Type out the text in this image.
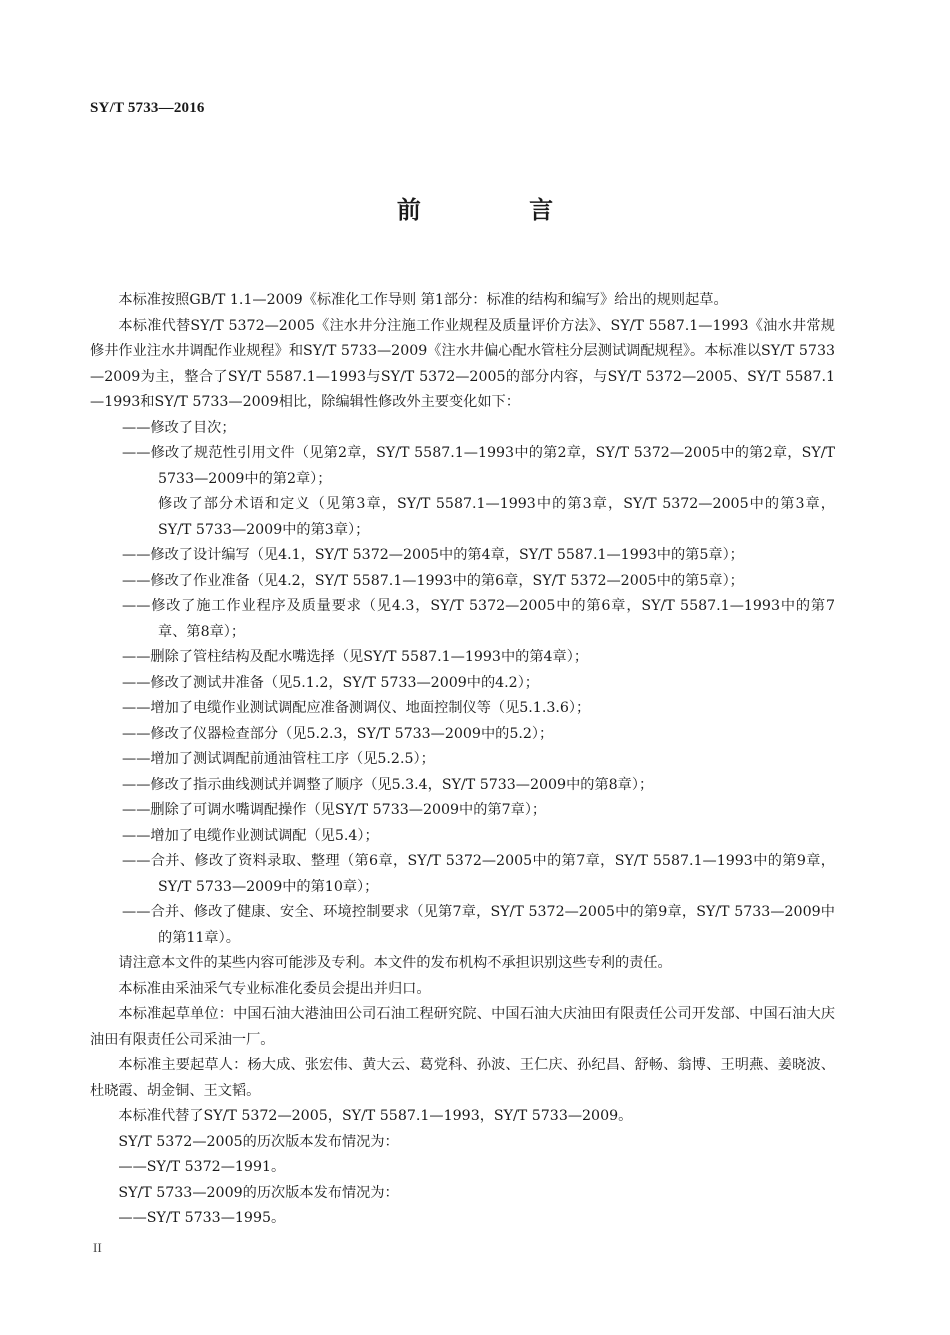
SY/T 5733—2016
前 言

本标准按照GB/T 1.1—2009《标准化工作导则 第1部分：标准的结构和编写》给出的规则起草。

本标准代替SY/T 5372—2005《注水井分注施工作业规程及质量评价方法》、SY/T 5587.1—1993《油水井常规修井作业注水井调配作业规程》和SY/T 5733—2009《注水井偏心配水管柱分层测试调配规程》。本标准以SY/T 5733—2009为主，整合了SY/T 5587.1—1993与SY/T 5372—2005的部分内容，与SY/T 5372—2005、SY/T 5587.1—1993和SY/T 5733—2009相比，除编辑性修改外主要变化如下：

——修改了目次；

——修改了规范性引用文件（见第2章，SY/T 5587.1—1993中的第2章，SY/T 5372—2005中的第2章，SY/T 5733—2009中的第2章）；

修改了部分术语和定义（见第3章，SY/T 5587.1—1993中的第3章，SY/T 5372—2005中的第3章，SY/T 5733—2009中的第3章）；

——修改了设计编写（见4.1，SY/T 5372—2005中的第4章，SY/T 5587.1—1993中的第5章）；

——修改了作业准备（见4.2，SY/T 5587.1—1993中的第6章，SY/T 5372—2005中的第5章）；

——修改了施工作业程序及质量要求（见4.3，SY/T 5372—2005中的第6章，SY/T 5587.1—1993中的第7章、第8章）；

——删除了管柱结构及配水嘴选择（见SY/T 5587.1—1993中的第4章）；

——修改了测试井准备（见5.1.2，SY/T 5733—2009中的4.2）；

——增加了电缆作业测试调配应准备测调仪、地面控制仪等（见5.1.3.6）；

——修改了仪器检查部分（见5.2.3，SY/T 5733—2009中的5.2）；

——增加了测试调配前通油管柱工序（见5.2.5）；

——修改了指示曲线测试并调整了顺序（见5.3.4，SY/T 5733—2009中的第8章）；

——删除了可调水嘴调配操作（见SY/T 5733—2009中的第7章）；

——增加了电缆作业测试调配（见5.4）；

——合并、修改了资料录取、整理（第6章，SY/T 5372—2005中的第7章，SY/T 5587.1—1993中的第9章，SY/T 5733—2009中的第10章）；

——合并、修改了健康、安全、环境控制要求（见第7章，SY/T 5372—2005中的第9章，SY/T 5733—2009中的第11章）。

请注意本文件的某些内容可能涉及专利。本文件的发布机构不承担识别这些专利的责任。

本标准由采油采气专业标准化委员会提出并归口。

本标准起草单位：中国石油大港油田公司石油工程研究院、中国石油大庆油田有限责任公司开发部、中国石油大庆油田有限责任公司采油一厂。

本标准主要起草人：杨大成、张宏伟、黄大云、葛党科、孙波、王仁庆、孙纪昌、舒畅、翁博、王明燕、姜晓波、杜晓霞、胡金铜、王文韬。

本标准代替了SY/T 5372—2005，SY/T 5587.1—1993，SY/T 5733—2009。

SY/T 5372—2005的历次版本发布情况为：

——SY/T 5372—1991。

SY/T 5733—2009的历次版本发布情况为：

——SY/T 5733—1995。

II
